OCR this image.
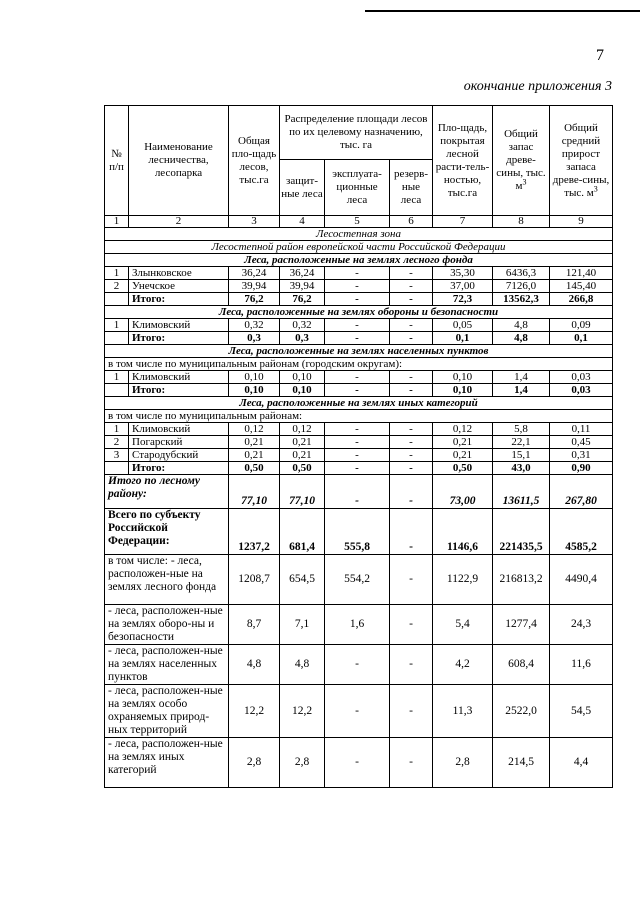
7
окончание приложения 3
№ п/п	Наименование лесничества, лесопарка	Общая пло-щадь лесов, тыс.га	Распределение площади лесов по их целевому назначению, тыс. га			Пло-щадь, покрытая лесной расти-тель-ностью, тыс.га	Общий запас древе-сины, тыс. $м^3$	Общий средний прирост запаса древе-сины, тыс. $м^3$
			защит-ные леса	эксплуата-ционные леса	резерв-ные леса			
1	2	3	4	5	6	7	8	9
Лесостепная зона								
Лесостепной район европейской части Российской Федерации								
Леса, расположенные на землях лесного фонда								
1	Злынковское	36,24	36,24	-	-	35,30	6436,3	121,40
2	Унечское	39,94	39,94	-	-	37,00	7126,0	145,40
	Итого:	76,2	76,2	-	-	72,3	13562,3	266,8
Леса, расположенные на землях обороны и безопасности								
1	Климовский	0,32	0,32	-	-	0,05	4,8	0,09
	Итого:	0,3	0,3	-	-	0,1	4,8	0,1
Леса, расположенные на землях населенных пунктов								
в том числе по муниципальным районам (городским округам):								
1	Климовский	0,10	0,10	-	-	0,10	1,4	0,03
	Итого:	0,10	0,10	-	-	0,10	1,4	0,03
Леса, расположенные на землях иных категорий								
в том числе по муниципальным районам:								
1	Климовский	0,12	0,12	-	-	0,12	5,8	0,11
2	Погарский	0,21	0,21	-	-	0,21	22,1	0,45
3	Стародубский	0,21	0,21	-	-	0,21	15,1	0,31
	Итого:	0,50	0,50	-	-	0,50	43,0	0,90
Итого по лесному району:		77,10	77,10	-	-	73,00	13611,5	267,80
Всего по субъекту Российской Федерации:		1237,2	681,4	555,8	-	1146,6	221435,5	4585,2
в том числе: - леса, расположен-ные на землях лесного фонда		1208,7	654,5	554,2	-	1122,9	216813,2	4490,4
- леса, расположен-ные на землях оборо-ны и безопасности		8,7	7,1	1,6	-	5,4	1277,4	24,3
- леса, расположен-ные на землях населенных пунктов		4,8	4,8	-	-	4,2	608,4	11,6
- леса, расположен-ные на землях особо охраняемых природ-ных территорий		12,2	12,2	-	-	11,3	2522,0	54,5
- леса, расположен-ные на землях иных категорий		2,8	2,8	-	-	2,8	214,5	4,4
